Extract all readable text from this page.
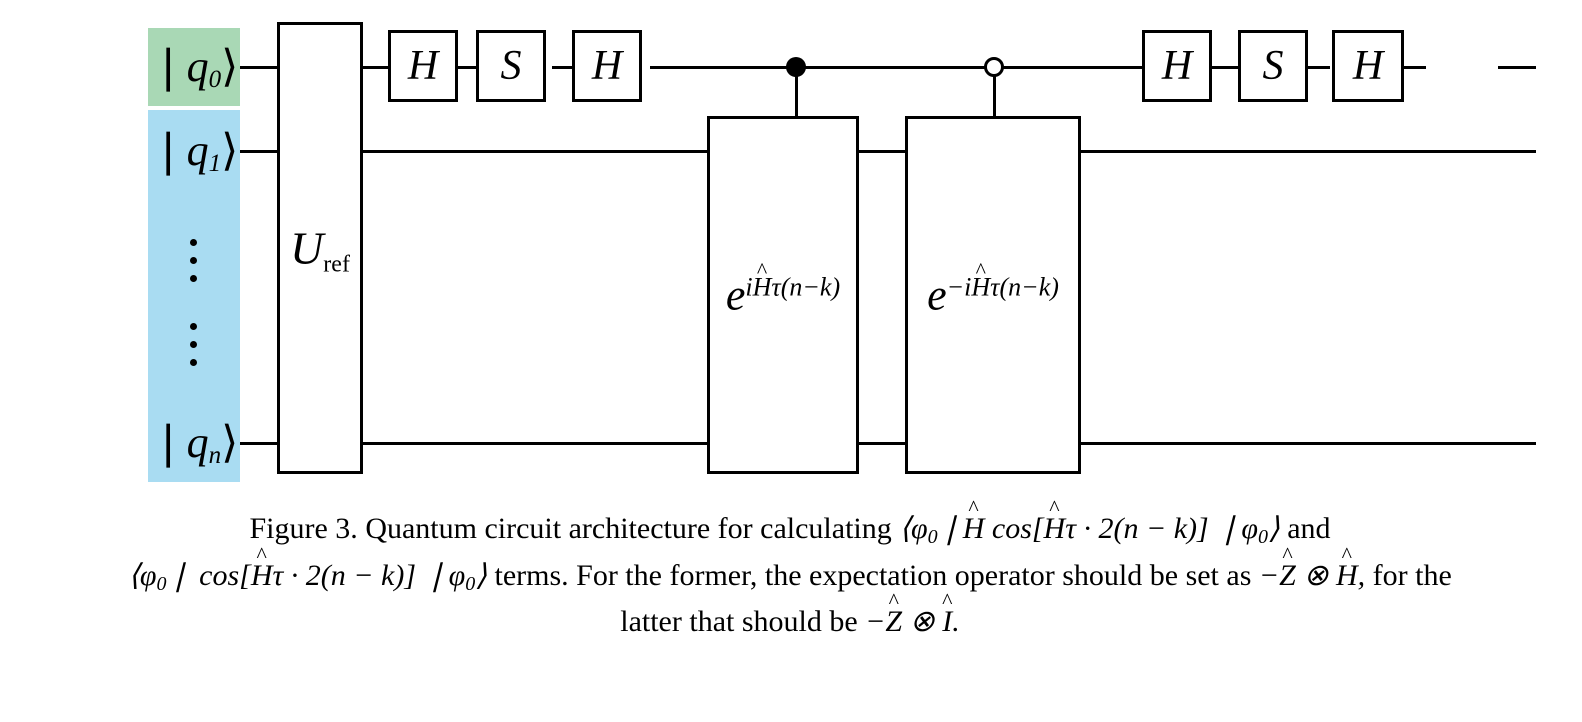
$❘q_0⟩$
$❘q_1⟩$
$❘q_n⟩$
Uref
H S H
$e^{iH \^{}\tau(n-k)}$	$e^{-iH \^{}\tau(n-k)}$
H S H
Figure 3. Quantum circuit architecture for calculating ⟨φ0❘H ^ cos[H ^τ · 2(n − k)] ❘φ0⟩ and
⟨φ0❘ cos[H ^τ · 2(n − k)] ❘φ0⟩ terms. For the former, the expectation operator should be set as −Z ^ ⊗ H ^, for the
latter that should be −Z ^ ⊗ I ^.
